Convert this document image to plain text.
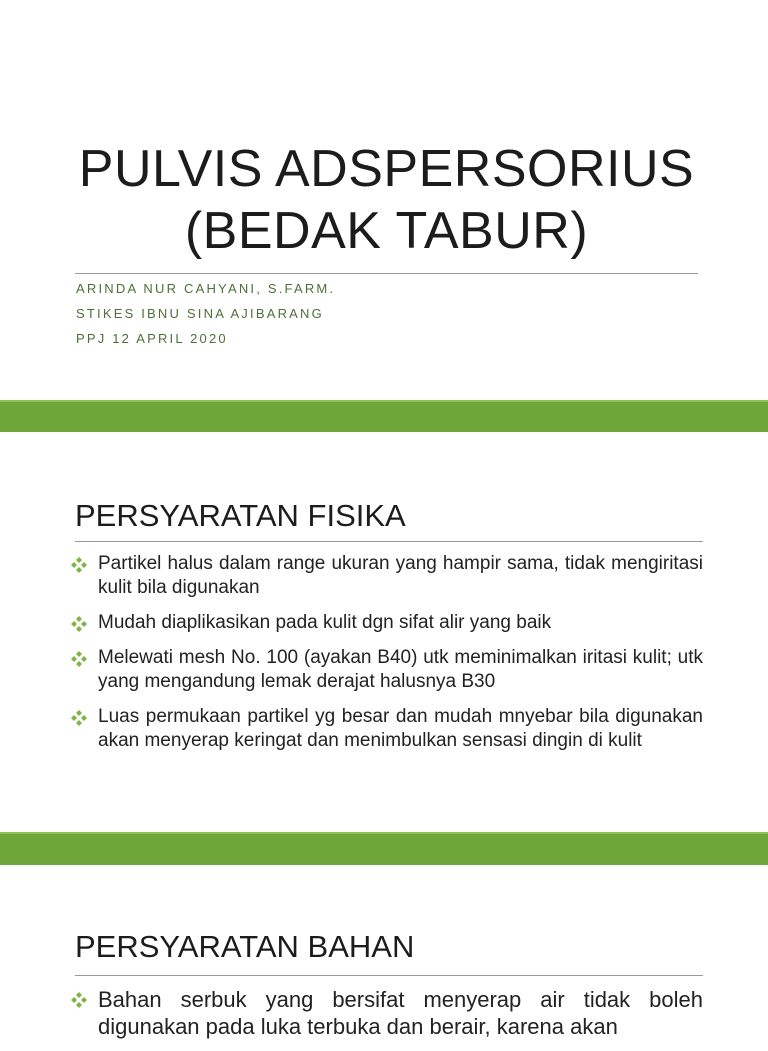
PULVIS ADSPERSORIUS
(BEDAK TABUR)

ARINDA NUR CAHYANI, S.FARM.

STIKES IBNU SINA AJIBARANG

PPJ 12 APRIL 2020

PERSYARATAN FISIKA
Partikel halus dalam range ukuran yang hampir sama, tidak mengiritasi kulit bila digunakan
Mudah diaplikasikan pada kulit dgn sifat alir yang baik
Melewati mesh No. 100 (ayakan B40) utk meminimalkan iritasi kulit; utk yang mengandung lemak derajat halusnya B30
Luas permukaan partikel yg besar dan mudah mnyebar bila digunakan akan menyerap keringat dan menimbulkan sensasi dingin di kulit
PERSYARATAN BAHAN
Bahan serbuk yang bersifat menyerap air tidak boleh digunakan pada luka terbuka dan berair, karena akan
